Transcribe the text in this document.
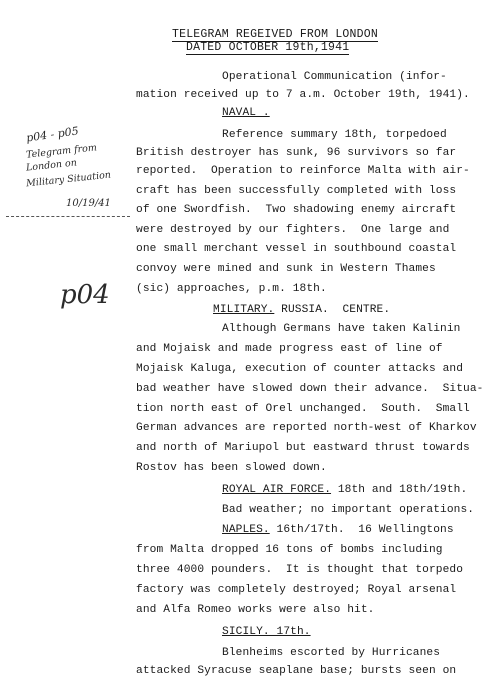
TELEGRAM REGEIVED FROM LONDON
DATED OCTOBER 19th,1941
Operational Communication (infor-
mation received up to 7 a.m. October 19th, 1941).
NAVAL .
Reference summary 18th, torpedoed
British destroyer has sunk, 96 survivors so far
reported.  Operation to reinforce Malta with air-
craft has been successfully completed with loss
of one Swordfish.  Two shadowing enemy aircraft
were destroyed by our fighters.  One large and
one small merchant vessel in southbound coastal
convoy were mined and sunk in Western Thames
(sic) approaches, p.m. 18th.
MILITARY. RUSSIA.  CENTRE.
Although Germans have taken Kalinin
and Mojaisk and made progress east of line of
Mojaisk Kaluga, execution of counter attacks and
bad weather have slowed down their advance.  Situa-
tion north east of Orel unchanged.  South.  Small
German advances are reported north-west of Kharkov
and north of Mariupol but eastward thrust towards
Rostov has been slowed down.
ROYAL AIR FORCE. 18th and 18th/19th.
Bad weather; no important operations.
NAPLES. 16th/17th.  16 Wellingtons
from Malta dropped 16 tons of bombs including
three 4000 pounders.  It is thought that torpedo
factory was completely destroyed; Royal arsenal
and Alfa Romeo works were also hit.
SICILY. 17th.
Blenheims escorted by Hurricanes
attacked Syracuse seaplane base; bursts seen on
p04 - p05
Telegram from
London on
Military Situation
10/19/41
p04
